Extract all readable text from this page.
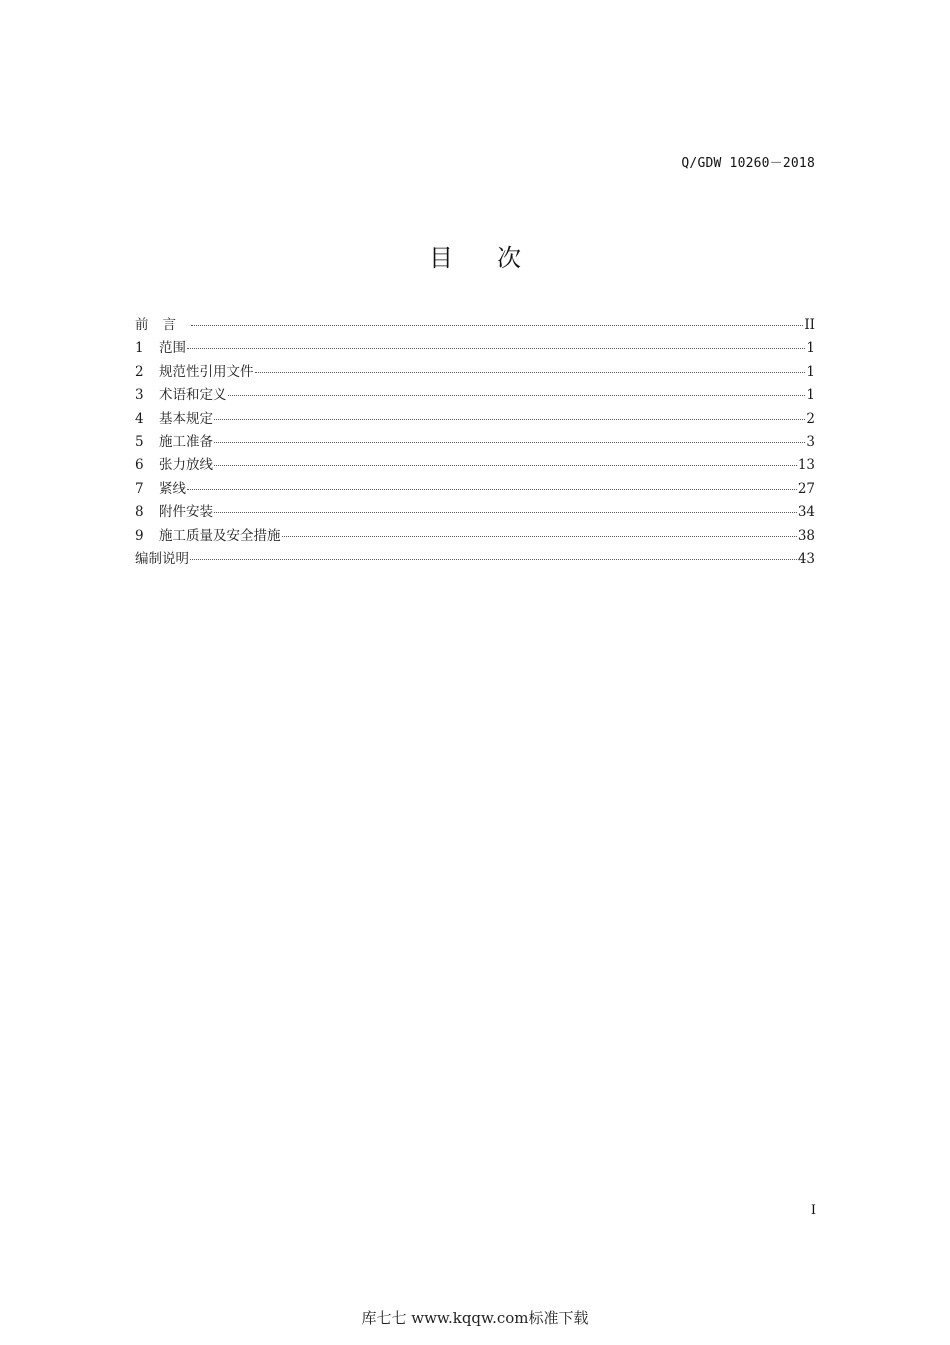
Q/GDW 10260－2018
目次
前言	II
1	范围	1
2	规范性引用文件	1
3	术语和定义	1
4	基本规定	2
5	施工准备	3
6	张力放线	13
7	紧线	27
8	附件安装	34
9	施工质量及安全措施	38
编制说明	43
I
库七七 www.kqqw.com标准下载
